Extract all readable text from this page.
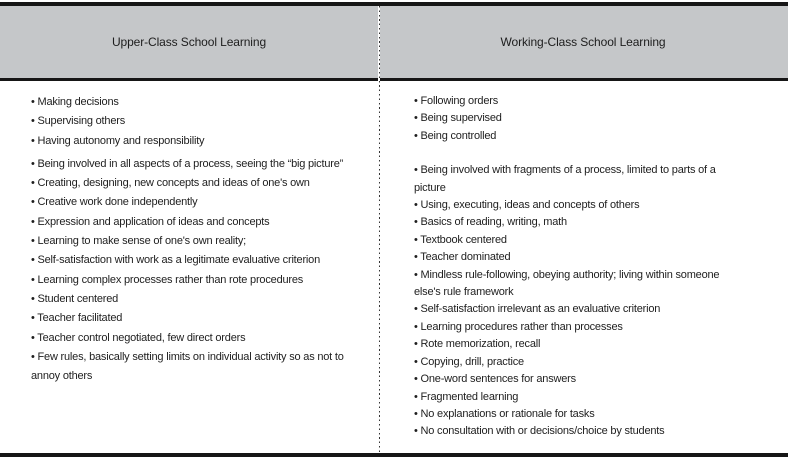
Upper-Class School Learning	Working-Class School Learning
• Making decisions
• Supervising others
• Having autonomy and responsibility
• Being involved in all aspects of a process, seeing the “big picture”
• Creating, designing, new concepts and ideas of one's own
• Creative work done independently
• Expression and application of ideas and concepts
• Learning to make sense of one's own reality;
• Self-satisfaction with work as a legitimate evaluative criterion
• Learning complex processes rather than rote procedures
• Student centered
• Teacher facilitated
• Teacher control negotiated, few direct orders
• Few rules, basically setting limits on individual activity so as not to annoy others
• Following orders
• Being supervised
• Being controlled
• Being involved with fragments of a process, limited to parts of a picture
• Using, executing, ideas and concepts of others
• Basics of reading, writing, math
• Textbook centered
• Teacher dominated
• Mindless rule-following, obeying authority; living within someone else's rule framework
• Self-satisfaction irrelevant as an evaluative criterion
• Learning procedures rather than processes
• Rote memorization, recall
• Copying, drill, practice
• One-word sentences for answers
• Fragmented learning
• No explanations or rationale for tasks
• No consultation with or decisions/choice by students
